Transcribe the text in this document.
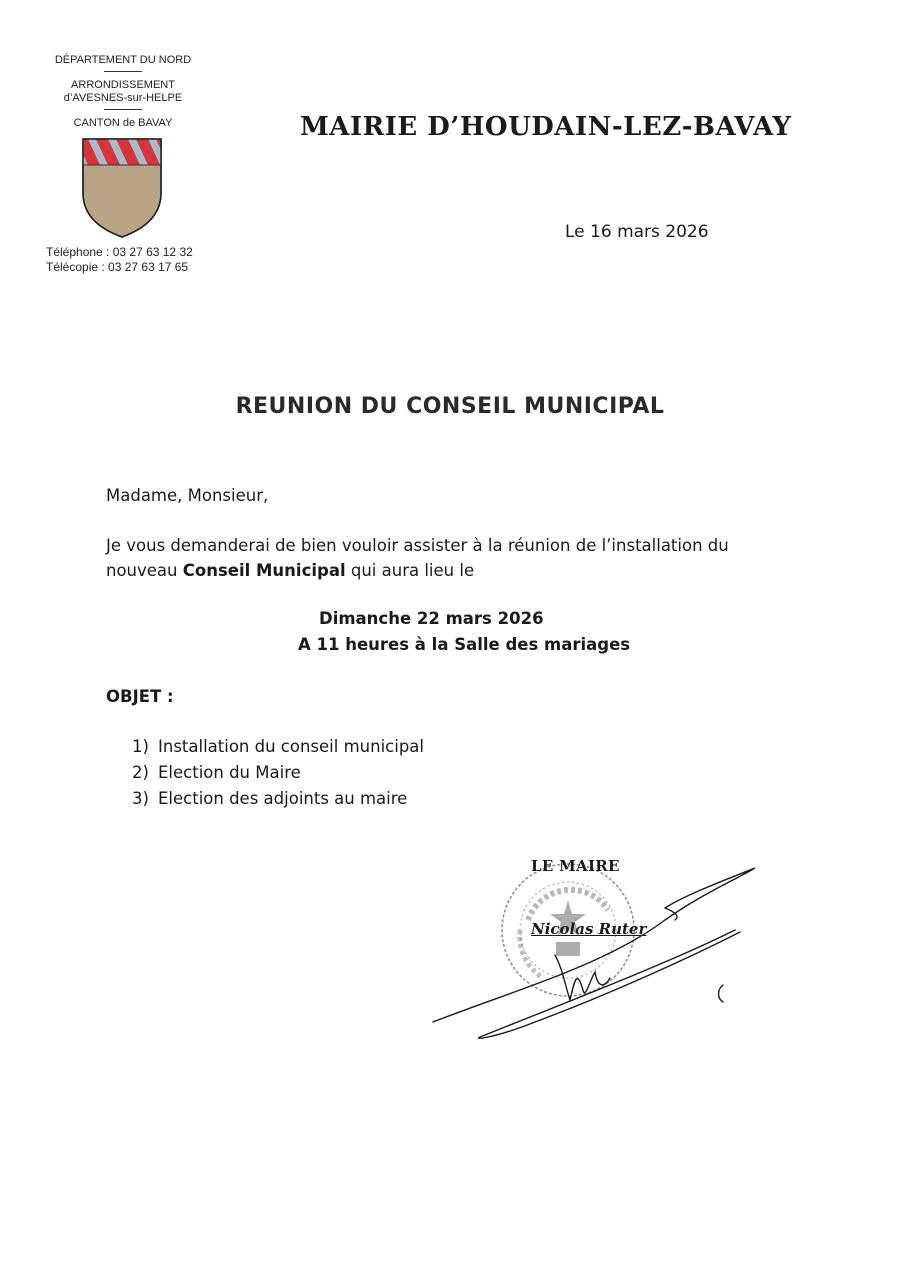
DÉPARTEMENT DU NORD
ARRONDISSEMENT
d’AVESNES-sur-HELPE
CANTON de BAVAY
Téléphone : 03 27 63 12 32
Télécopie : 03 27 63 17 65
MAIRIE D’HOUDAIN-LEZ-BAVAY
Le 16 mars 2026
REUNION DU CONSEIL MUNICIPAL
Madame, Monsieur,
Je vous demanderai de bien vouloir assister à la réunion de l’installation du
nouveau Conseil Municipal qui aura lieu le
Dimanche 22 mars 2026
A 11 heures à la Salle des mariages
OBJET :
1) Installation du conseil municipal
2) Election du Maire
3) Election des adjoints au maire
LE MAIRE
Nicolas Ruter
